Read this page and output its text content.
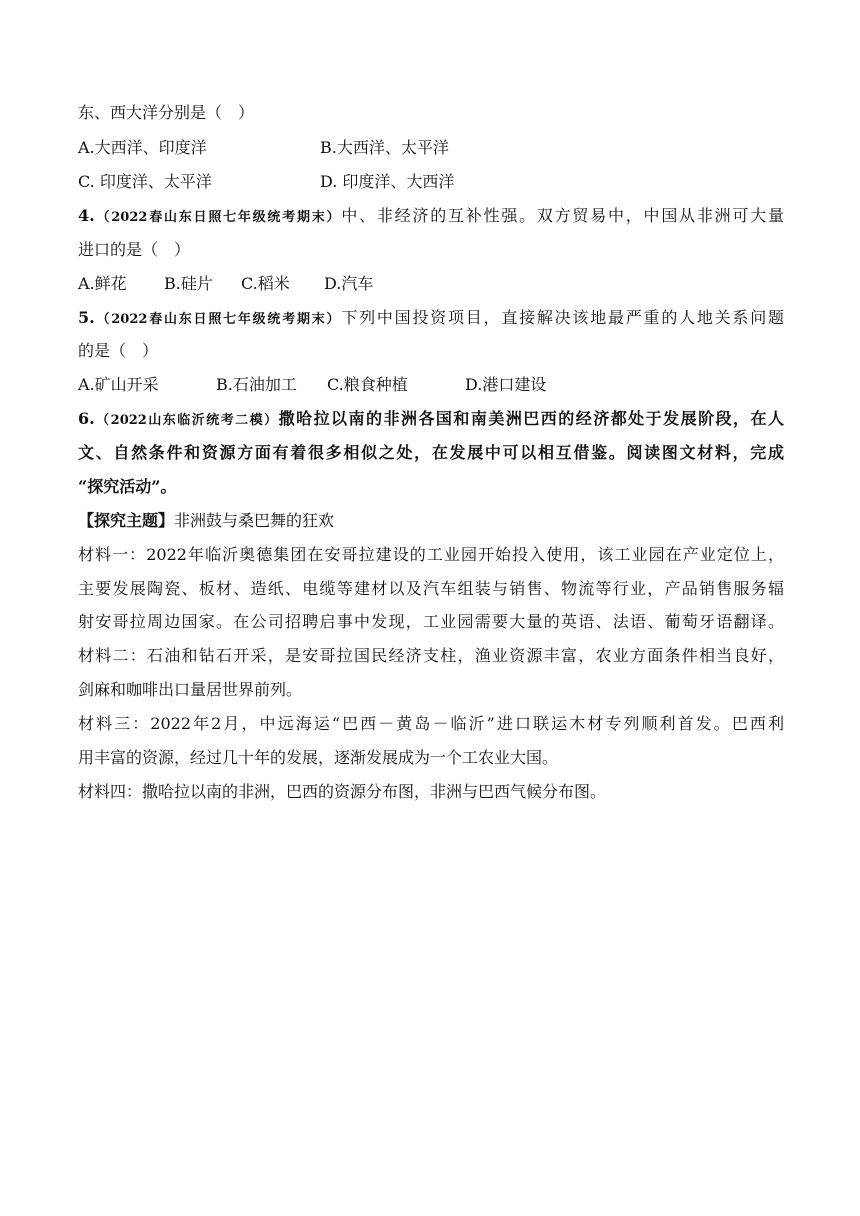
东、西大洋分别是（　）
A.大西洋、印度洋	B.大西洋、太平洋
C. 印度洋、太平洋	D. 印度洋、大西洋
4.（2022春山东日照七年级统考期末）中、非经济的互补性强。双方贸易中，中国从非洲可大量
进口的是（　）
A.鲜花 B.硅片 C.稻米 D.汽车
5.（2022春山东日照七年级统考期末）下列中国投资项目，直接解决该地最严重的人地关系问题
的是（　）
A.矿山开采	B.石油加工 C.粮食种植	D.港口建设
6.（2022山东临沂统考二模）撒哈拉以南的非洲各国和南美洲巴西的经济都处于发展阶段，在人
文、自然条件和资源方面有着很多相似之处，在发展中可以相互借鉴。阅读图文材料，完成
“探究活动”。
【探究主题】非洲鼓与桑巴舞的狂欢
材料一：2022年临沂奥德集团在安哥拉建设的工业园开始投入使用，该工业园在产业定位上，
主要发展陶瓷、板材、造纸、电缆等建材以及汽车组装与销售、物流等行业，产品销售服务辐
射安哥拉周边国家。在公司招聘启事中发现，工业园需要大量的英语、法语、葡萄牙语翻译。
材料二：石油和钻石开采，是安哥拉国民经济支柱，渔业资源丰富，农业方面条件相当良好，
剑麻和咖啡出口量居世界前列。
材料三：2022年2月，中远海运“巴西－黄岛－临沂”进口联运木材专列顺利首发。巴西利
用丰富的资源，经过几十年的发展，逐渐发展成为一个工农业大国。
材料四：撒哈拉以南的非洲，巴西的资源分布图，非洲与巴西气候分布图。
